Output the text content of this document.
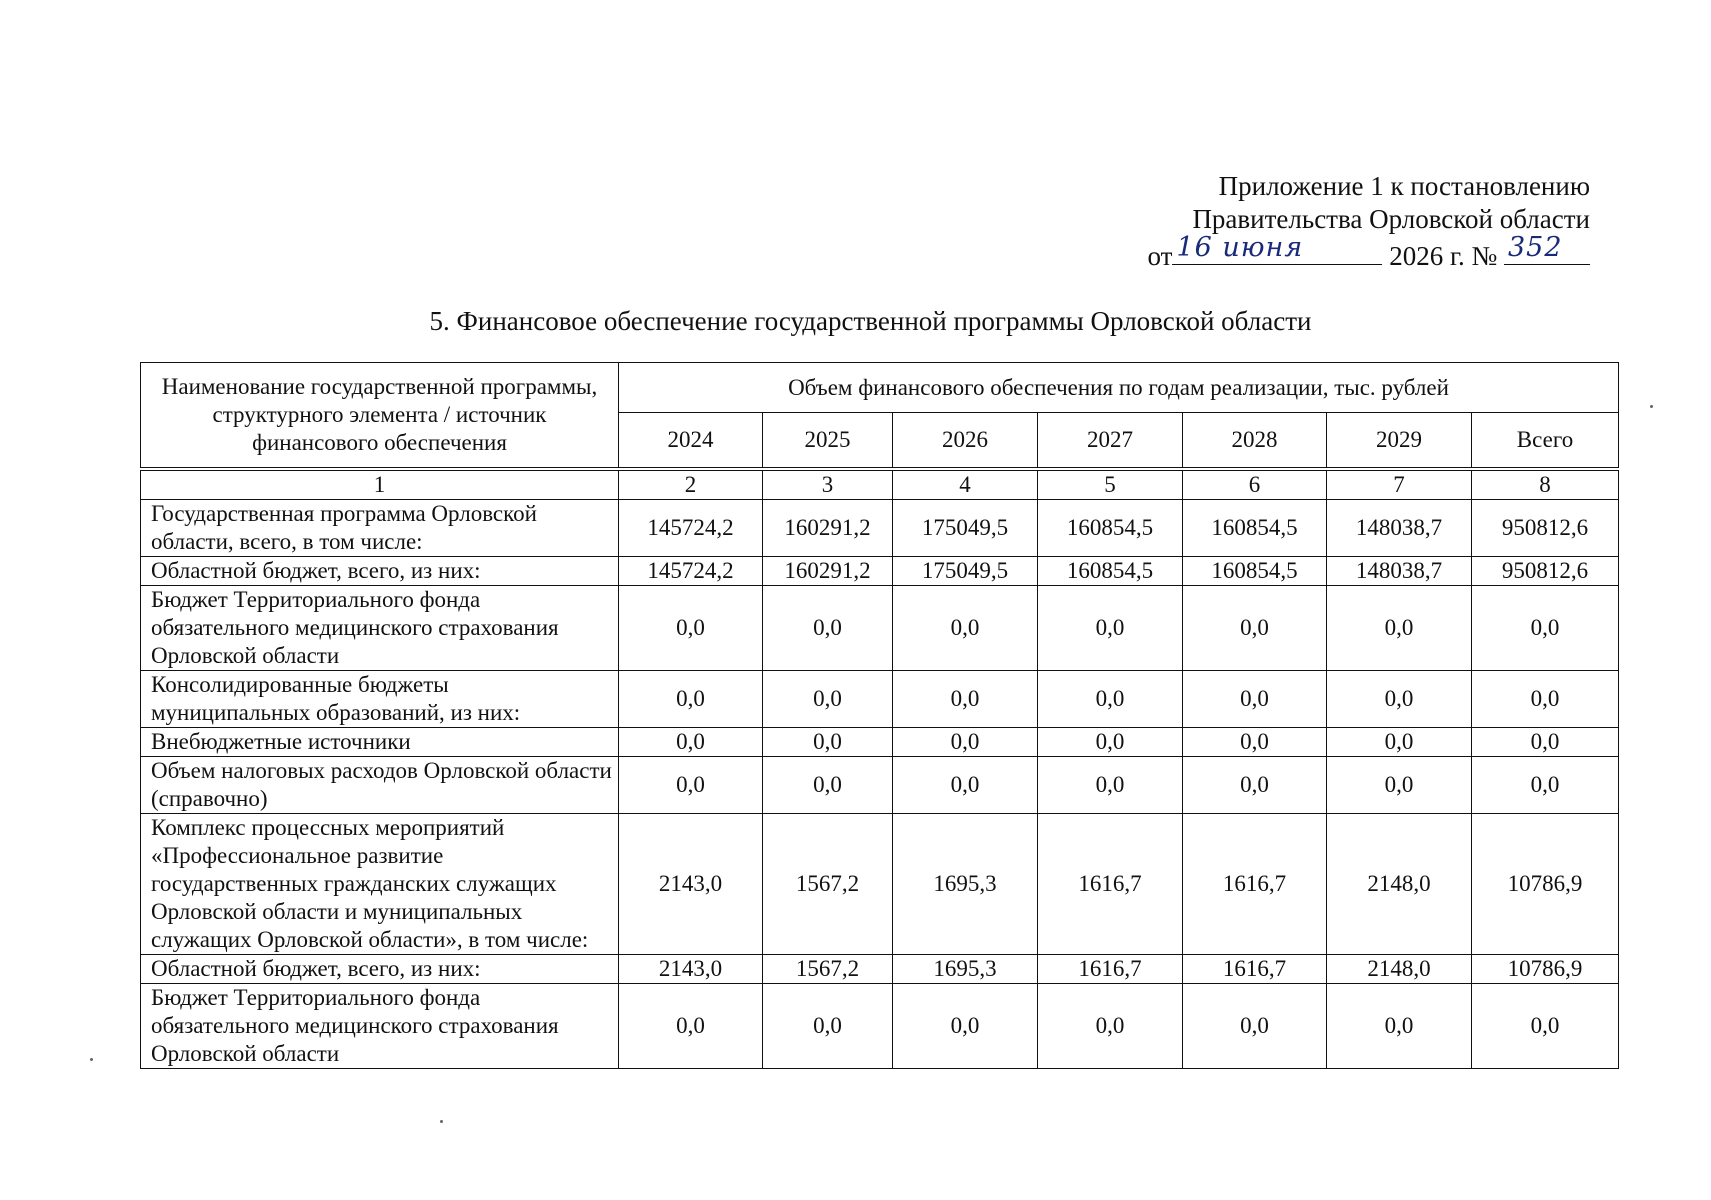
Приложение 1 к постановлению
Правительства Орловской области
от 16 июня	2026 г. № 352
5. Финансовое обеспечение государственной программы Орловской области
Наименование государственной программы, структурного элемента / источник финансового обеспечения	Объем финансового обеспечения по годам реализации, тыс. рублей						
	2024	2025	2026	2027	2028	2029	Всего
1	2	3	4	5	6	7	8
Государственная программа Орловской области, всего, в том числе:	145724,2	160291,2	175049,5	160854,5	160854,5	148038,7	950812,6
Областной бюджет, всего, из них:	145724,2	160291,2	175049,5	160854,5	160854,5	148038,7	950812,6
Бюджет Территориального фонда обязательного медицинского страхования Орловской области	0,0	0,0	0,0	0,0	0,0	0,0	0,0
Консолидированные бюджеты муниципальных образований, из них:	0,0	0,0	0,0	0,0	0,0	0,0	0,0
Внебюджетные источники	0,0	0,0	0,0	0,0	0,0	0,0	0,0
Объем налоговых расходов Орловской области (справочно)	0,0	0,0	0,0	0,0	0,0	0,0	0,0
Комплекс процессных мероприятий «Профессиональное развитие государственных гражданских служащих Орловской области и муниципальных служащих Орловской области», в том числе:	2143,0	1567,2	1695,3	1616,7	1616,7	2148,0	10786,9
Областной бюджет, всего, из них:	2143,0	1567,2	1695,3	1616,7	1616,7	2148,0	10786,9
Бюджет Территориального фонда обязательного медицинского страхования Орловской области	0,0	0,0	0,0	0,0	0,0	0,0	0,0
